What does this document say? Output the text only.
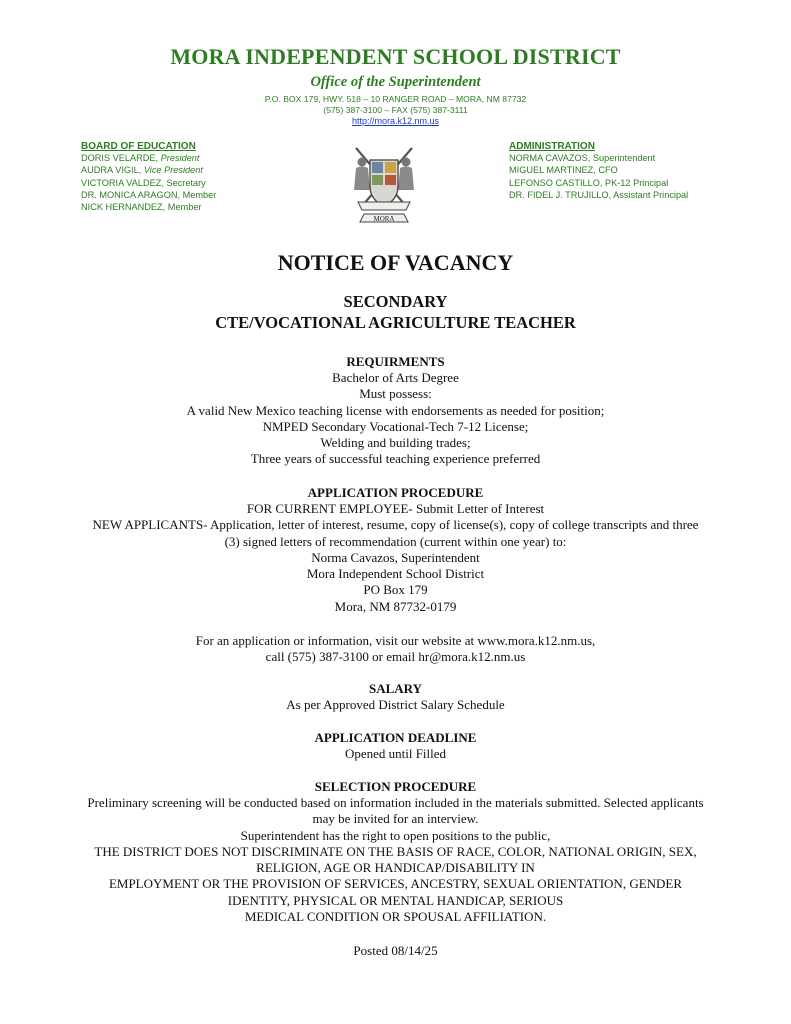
MORA INDEPENDENT SCHOOL DISTRICT
Office of the Superintendent
P.O. BOX 179, HWY. 518 – 10 RANGER ROAD – MORA, NM 87732
(575) 387-3100 – FAX (575) 387-3111
http://mora.k12.nm.us
BOARD OF EDUCATION
DORIS VELARDE, President
AUDRA VIGIL, Vice President
VICTORIA VALDEZ, Secretary
DR. MONICA ARAGON, Member
NICK HERNANDEZ, Member
ADMINISTRATION
NORMA CAVAZOS, Superintendent
MIGUEL MARTINEZ, CFO
LEFONSO CASTILLO, PK-12 Principal
DR. FIDEL J. TRUJILLO, Assistant Principal
MORA
NOTICE OF VACANCY
SECONDARY
CTE/VOCATIONAL AGRICULTURE TEACHER
REQUIRMENTS
Bachelor of Arts Degree
Must possess:
A valid New Mexico teaching license with endorsements as needed for position;
NMPED Secondary Vocational-Tech 7-12 License;
Welding and building trades;
Three years of successful teaching experience preferred
APPLICATION PROCEDURE
FOR CURRENT EMPLOYEE- Submit Letter of Interest
NEW APPLICANTS- Application, letter of interest, resume, copy of license(s), copy of college transcripts and three
(3) signed letters of recommendation (current within one year) to:
Norma Cavazos, Superintendent
Mora Independent School District
PO Box 179
Mora, NM 87732-0179
For an application or information, visit our website at www.mora.k12.nm.us,
call (575) 387-3100 or email hr@mora.k12.nm.us
SALARY
As per Approved District Salary Schedule
APPLICATION DEADLINE
Opened until Filled
SELECTION PROCEDURE
Preliminary screening will be conducted based on information included in the materials submitted. Selected applicants
may be invited for an interview.
Superintendent has the right to open positions to the public,
THE DISTRICT DOES NOT DISCRIMINATE ON THE BASIS OF RACE, COLOR, NATIONAL ORIGIN, SEX,
RELIGION, AGE OR HANDICAP/DISABILITY IN
EMPLOYMENT OR THE PROVISION OF SERVICES, ANCESTRY, SEXUAL ORIENTATION, GENDER
IDENTITY, PHYSICAL OR MENTAL HANDICAP, SERIOUS
MEDICAL CONDITION OR SPOUSAL AFFILIATION.
Posted 08/14/25
